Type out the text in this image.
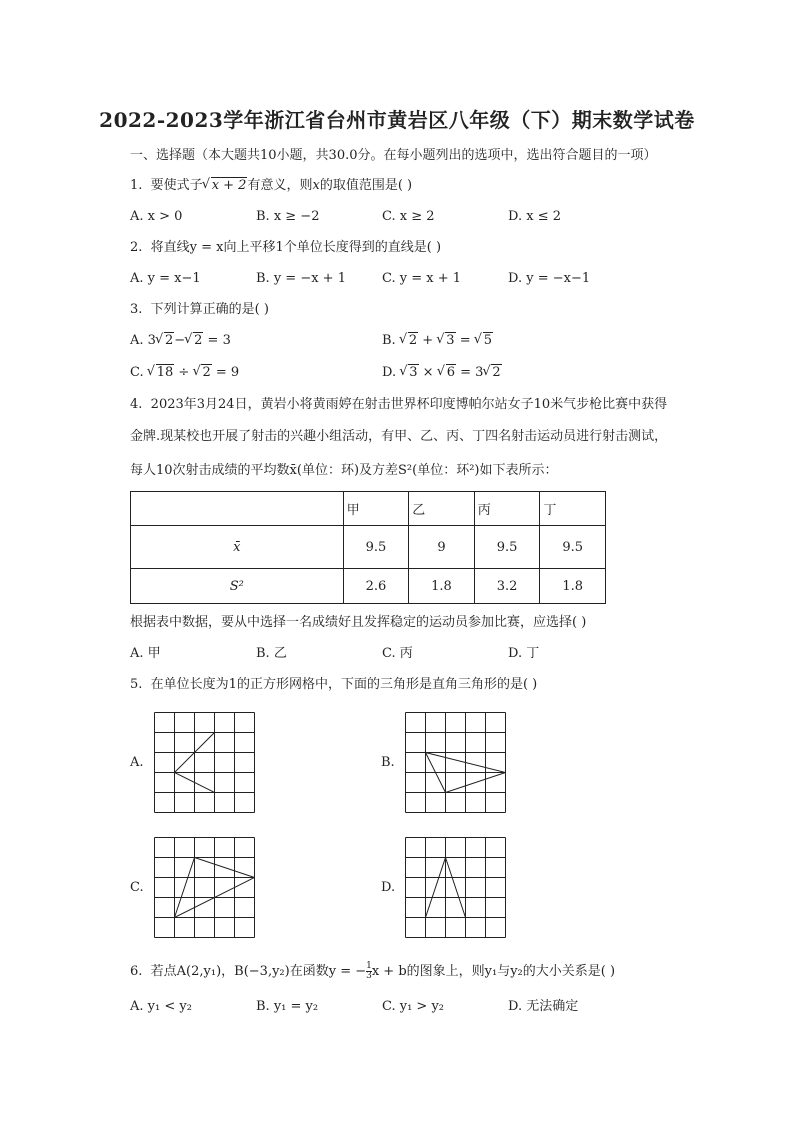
2022-2023学年浙江省台州市黄岩区八年级（下）期末数学试卷
一、选择题（本大题共10小题，共30.0分。在每小题列出的选项中，选出符合题目的一项）
1. 要使式子 √ x + 2有意义，则x的取值范围是( )
A. x > 0	B. x ≥ −2	C. x ≥ 2	D. x ≤ 2
2. 将直线y = x向上平移1个单位长度得到的直线是( )
A. y = x−1	B. y = −x + 1	C. y = x + 1	D. y = −x−1
3. 下列计算正确的是( )
A. 3 √ 2− √ 2 = 3	B. √ 2 + √ 3 = √ 5
C. √ 18 ÷ √ 2 = 9	D. √ 3 × √ 6 = 3 √ 2
4. 2023年3月24日，黄岩小将黄雨婷在射击世界杯印度博帕尔站女子10米气步枪比赛中获得
金牌.现某校也开展了射击的兴趣小组活动，有甲、乙、丙、丁四名射击运动员进行射击测试，
每人10次射击成绩的平均数x̄(单位：环)及方差S²(单位：环²)如下表所示：
	甲	乙	丙	丁
x̄	9.5	9	9.5	9.5
S²	2.6	1.8	3.2	1.8
根据表中数据，要从中选择一名成绩好且发挥稳定的运动员参加比赛，应选择( )
A. 甲	B. 乙	C. 丙	D. 丁
5. 在单位长度为1的正方形网格中，下面的三角形是直角三角形的是( )
A.	B.
C.	D.
6. 若点A(2,y₁)，B(−3,y₂)在函数y = − $\frac{1}{3}x + b$的图象上，则y₁与y₂的大小关系是( )
A. y₁ < y₂	B. y₁ = y₂	C. y₁ > y₂	D. 无法确定
